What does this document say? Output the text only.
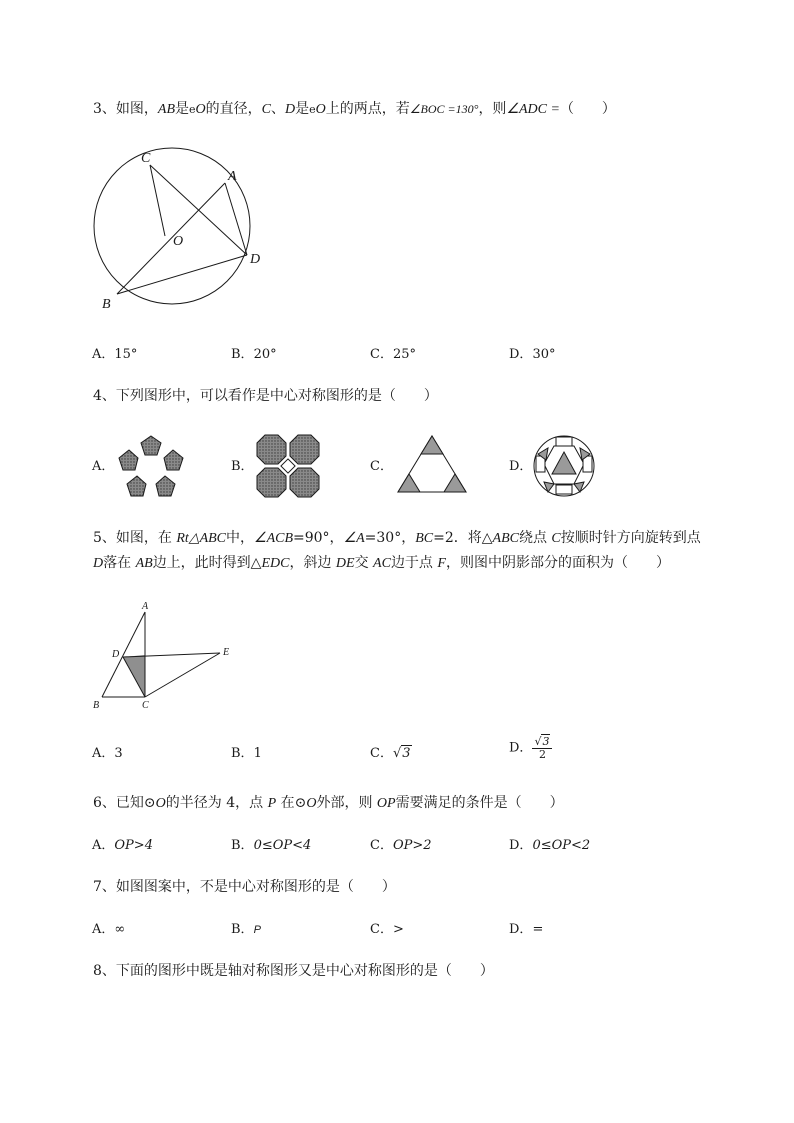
3、如图，AB是eO的直径，C、D是eO上的两点，若∠BOC =130°，则∠ADC =（　　）
C
A
O
D
B
A．15°	B．20°	C．25°	D．30°
4、下列图形中，可以看作是中心对称图形的是（　　）
A．	B．	C．	D．
5、如图，在 Rt△ABC中，∠ACB=90°，∠A=30°，BC=2．将△ABC绕点 C按顺时针方向旋转到点
D落在 AB边上，此时得到△EDC，斜边 DE交 AC边于点 F，则图中阴影部分的面积为（　　）
A
D	E
B	C
A．3	B．1	C．√3	D． $\frac{√3}{2}$
6、已知⊙O的半径为 4，点 P 在⊙O外部，则 OP需要满足的条件是（　　）
A．OP>4	B．0≤OP<4	C．OP>2	D．0≤OP<2
7、如图图案中，不是中心对称图形的是（　　）
A．∞	B．P	C．>	D．=
8、下面的图形中既是轴对称图形又是中心对称图形的是（　　）
